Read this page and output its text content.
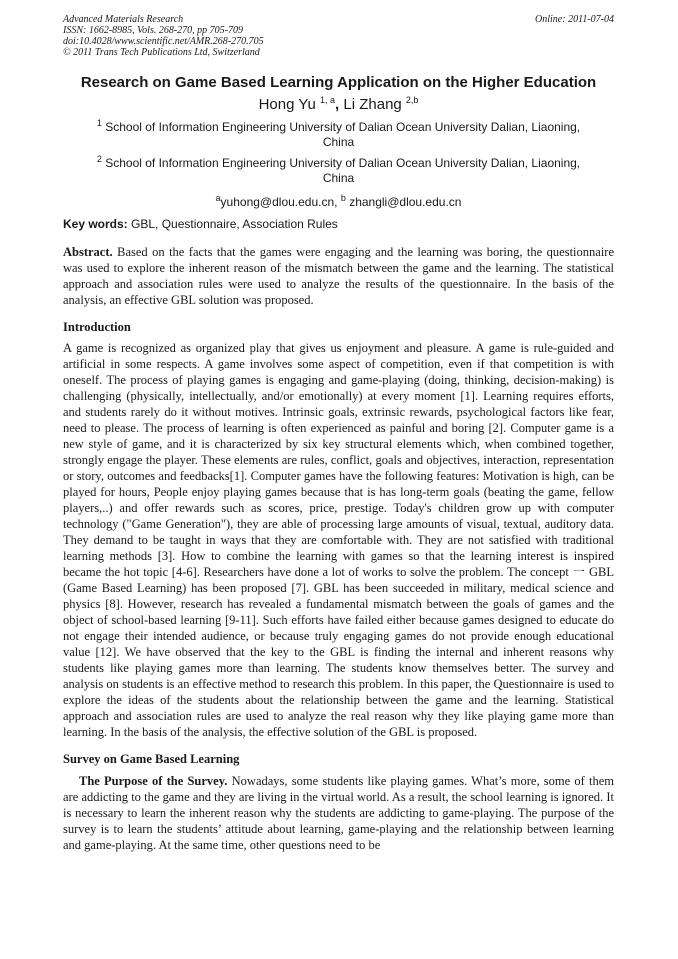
Advanced Materials Research
ISSN: 1662-8985, Vols. 268-270, pp 705-709
doi:10.4028/www.scientific.net/AMR.268-270.705
© 2011 Trans Tech Publications Ltd, Switzerland
Online: 2011-07-04
Research on Game Based Learning Application on the Higher Education
Hong Yu $^{1, a}$, Li Zhang $^{2,b}$
$^1$ School of Information Engineering University of Dalian Ocean University Dalian, Liaoning, China
$^2$ School of Information Engineering University of Dalian Ocean University Dalian, Liaoning, China
$^a$yuhong@dlou.edu.cn, $^b$ zhangli@dlou.edu.cn
Key words: GBL, Questionnaire, Association Rules

Abstract. Based on the facts that the games were engaging and the learning was boring, the questionnaire was used to explore the inherent reason of the mismatch between the game and the learning. The statistical approach and association rules were used to analyze the results of the questionnaire. In the basis of the analysis, an effective GBL solution was proposed.

Introduction

A game is recognized as organized play that gives us enjoyment and pleasure. A game is rule-guided and artificial in some respects. A game involves some aspect of competition, even if that competition is with oneself. The process of playing games is engaging and game-playing (doing, thinking, decision-making) is challenging (physically, intellectually, and/or emotionally) at every moment [1]. Learning requires efforts, and students rarely do it without motives. Intrinsic goals, extrinsic rewards, psychological factors like fear, need to please. The process of learning is often experienced as painful and boring [2]. Computer game is a new style of game, and it is characterized by six key structural elements which, when combined together, strongly engage the player. These elements are rules, conflict, goals and objectives, interaction, representation or story, outcomes and feedbacks[1]. Computer games have the following features: Motivation is high, can be played for hours, People enjoy playing games because that is has long-term goals (beating the game, fellow players,..) and offer rewards such as scores, price, prestige. Today's children grow up with computer technology ("Game Generation"), they are able of processing large amounts of visual, textual, auditory data. They demand to be taught in ways that they are comfortable with. They are not satisfied with traditional learning methods [3]. How to combine the learning with games so that the learning interest is inspired became the hot topic [4-6]. Researchers have done a lot of works to solve the problem. The concept 一 GBL (Game Based Learning) has been proposed [7]. GBL has been succeeded in military, medical science and physics [8]. However, research has revealed a fundamental mismatch between the goals of games and the object of school-based learning [9-11]. Such efforts have failed either because games designed to educate do not engage their intended audience, or because truly engaging games do not provide enough educational value [12]. We have observed that the key to the GBL is finding the internal and inherent reasons why students like playing games more than learning. The students know themselves better. The survey and analysis on students is an effective method to research this problem. In this paper, the Questionnaire is used to explore the ideas of the students about the relationship between the game and the learning. Statistical approach and association rules are used to analyze the real reason why they like playing game more than learning. In the basis of the analysis, the effective solution of the GBL is proposed.

Survey on Game Based Learning

The Purpose of the Survey. Nowadays, some students like playing games. What’s more, some of them are addicting to the game and they are living in the virtual world. As a result, the school learning is ignored. It is necessary to learn the inherent reason why the students are addicting to game-playing. The purpose of the survey is to learn the students’ attitude about learning, game-playing and the relationship between learning and game-playing. At the same time, other questions need to be
